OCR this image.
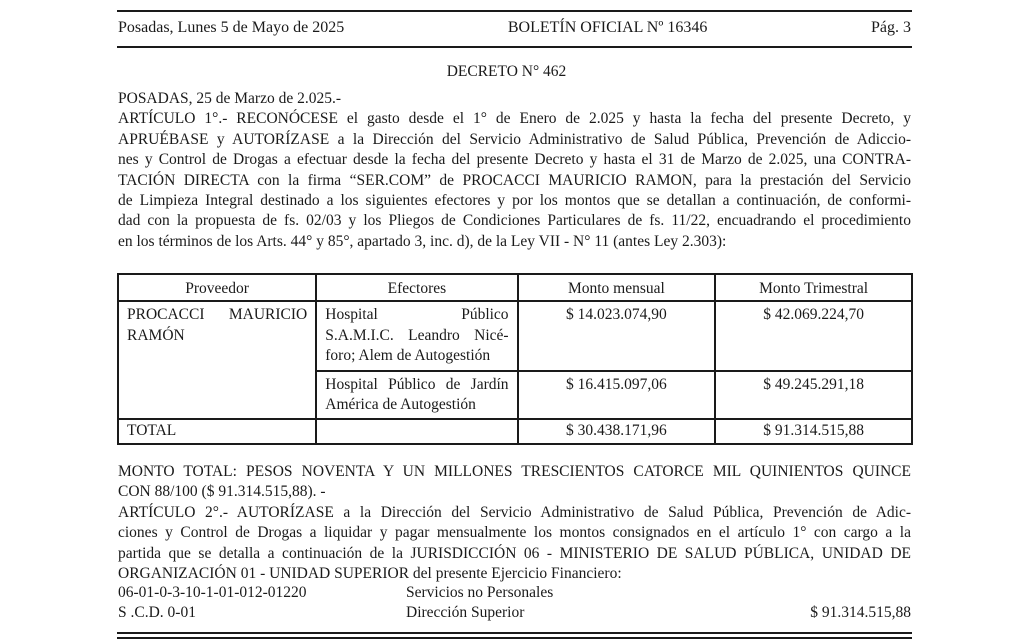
Posadas, Lunes 5 de Mayo de 2025	BOLETÍN OFICIAL Nº 16346	Pág. 3
DECRETO N° 462
POSADAS, 25 de Marzo de 2.025.-
ARTÍCULO 1°.- RECONÓCESE el gasto desde el 1° de Enero de 2.025 y hasta la fecha del presente Decreto, y
APRUÉBASE y AUTORÍZASE a la Dirección del Servicio Administrativo de Salud Pública, Prevención de Adiccio-
nes y Control de Drogas a efectuar desde la fecha del presente Decreto y hasta el 31 de Marzo de 2.025, una CONTRA-
TACIÓN DIRECTA con la firma “SER.COM” de PROCACCI MAURICIO RAMON, para la prestación del Servicio
de Limpieza Integral destinado a los siguientes efectores y por los montos que se detallan a continuación, de conformi-
dad con la propuesta de fs. 02/03 y los Pliegos de Condiciones Particulares de fs. 11/22, encuadrando el procedimiento
en los términos de los Arts. 44° y 85°, apartado 3, inc. d), de la Ley VII - N° 11 (antes Ley 2.303):
Proveedor	Efectores	Monto mensual	Monto Trimestral

PROCACCI MAURICIO
RAMÓN	Hospital Público
S.A.M.I.C. Leandro Nicé-
foro; Alem de Autogestión	$ 14.023.074,90	$ 42.069.224,70

	Hospital Público de Jardín
América de Autogestión	$ 16.415.097,06	$ 49.245.291,18
TOTAL		$ 30.438.171,96	$ 91.314.515,88
MONTO TOTAL: PESOS NOVENTA Y UN MILLONES TRESCIENTOS CATORCE MIL QUINIENTOS QUINCE
CON 88/100 ($ 91.314.515,88). -
ARTÍCULO 2°.- AUTORÍZASE a la Dirección del Servicio Administrativo de Salud Pública, Prevención de Adic-
ciones y Control de Drogas a liquidar y pagar mensualmente los montos consignados en el artículo 1° con cargo a la
partida que se detalla a continuación de la JURISDICCIÓN 06 - MINISTERIO DE SALUD PÚBLICA, UNIDAD DE
ORGANIZACIÓN 01 - UNIDAD SUPERIOR del presente Ejercicio Financiero:
06-01-0-3-10-1-01-012-01220	Servicios no Personales
S .C.D. 0-01	Dirección Superior	$ 91.314.515,88
